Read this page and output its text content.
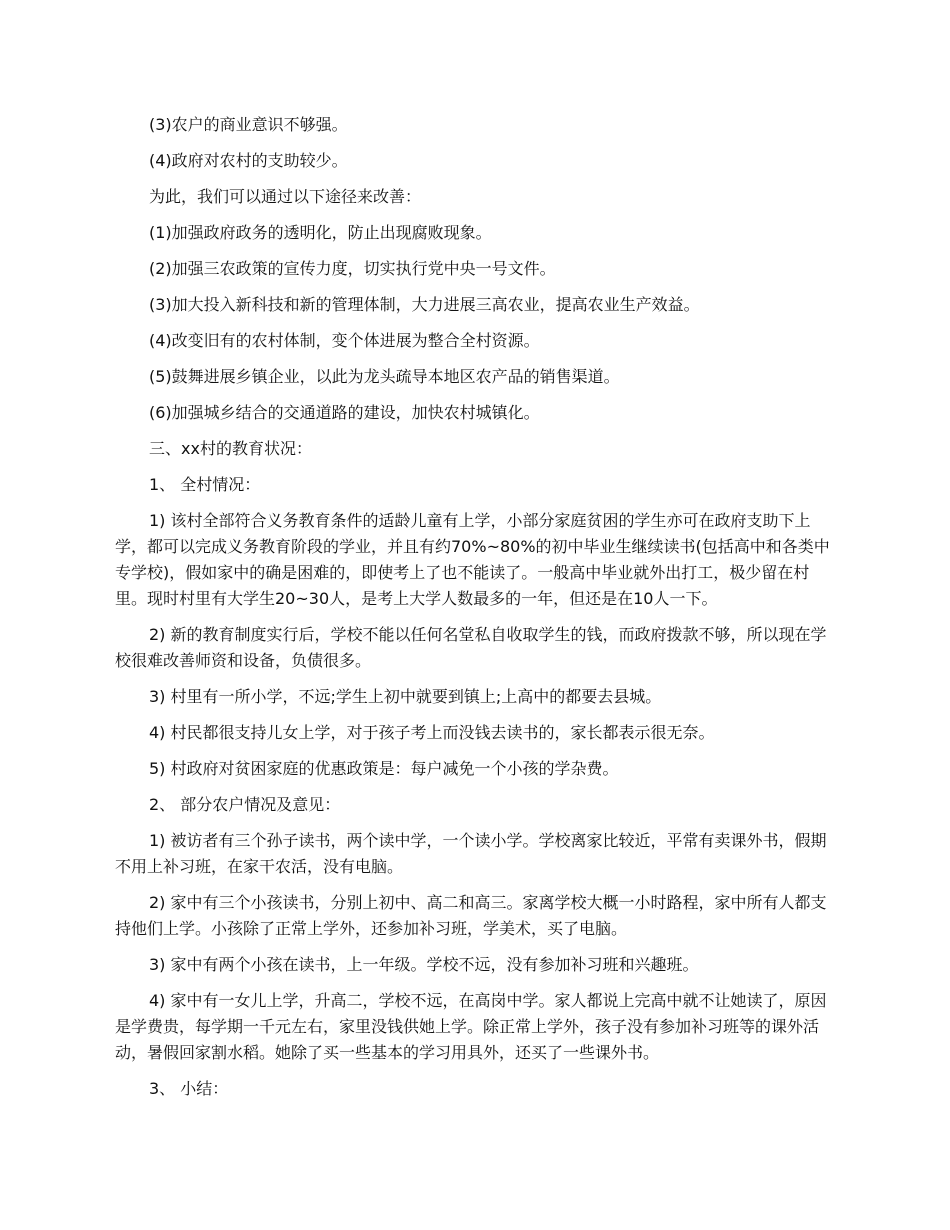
(3)农户的商业意识不够强。

(4)政府对农村的支助较少。

为此，我们可以通过以下途径来改善：

(1)加强政府政务的透明化，防止出现腐败现象。

(2)加强三农政策的宣传力度，切实执行党中央一号文件。

(3)加大投入新科技和新的管理体制，大力进展三高农业，提高农业生产效益。

(4)改变旧有的农村体制，变个体进展为整合全村资源。

(5)鼓舞进展乡镇企业，以此为龙头疏导本地区农产品的销售渠道。

(6)加强城乡结合的交通道路的建设，加快农村城镇化。

三、xx村的教育状况：

1、 全村情况：

1) 该村全部符合义务教育条件的适龄儿童有上学，小部分家庭贫困的学生亦可在政府支助下上学，都可以完成义务教育阶段的学业，并且有约70%~80%的初中毕业生继续读书(包括高中和各类中专学校)，假如家中的确是困难的，即使考上了也不能读了。一般高中毕业就外出打工，极少留在村里。现时村里有大学生20~30人，是考上大学人数最多的一年，但还是在10人一下。

2) 新的教育制度实行后，学校不能以任何名堂私自收取学生的钱，而政府拨款不够，所以现在学校很难改善师资和设备，负债很多。

3) 村里有一所小学，不远;学生上初中就要到镇上;上高中的都要去县城。

4) 村民都很支持儿女上学，对于孩子考上而没钱去读书的，家长都表示很无奈。

5) 村政府对贫困家庭的优惠政策是：每户减免一个小孩的学杂费。

2、 部分农户情况及意见：

1) 被访者有三个孙子读书，两个读中学，一个读小学。学校离家比较近，平常有卖课外书，假期不用上补习班，在家干农活，没有电脑。

2) 家中有三个小孩读书，分别上初中、高二和高三。家离学校大概一小时路程，家中所有人都支持他们上学。小孩除了正常上学外，还参加补习班，学美术，买了电脑。

3) 家中有两个小孩在读书，上一年级。学校不远，没有参加补习班和兴趣班。

4) 家中有一女儿上学，升高二，学校不远，在高岗中学。家人都说上完高中就不让她读了，原因是学费贵，每学期一千元左右，家里没钱供她上学。除正常上学外，孩子没有参加补习班等的课外活动，暑假回家割水稻。她除了买一些基本的学习用具外，还买了一些课外书。

3、 小结：
